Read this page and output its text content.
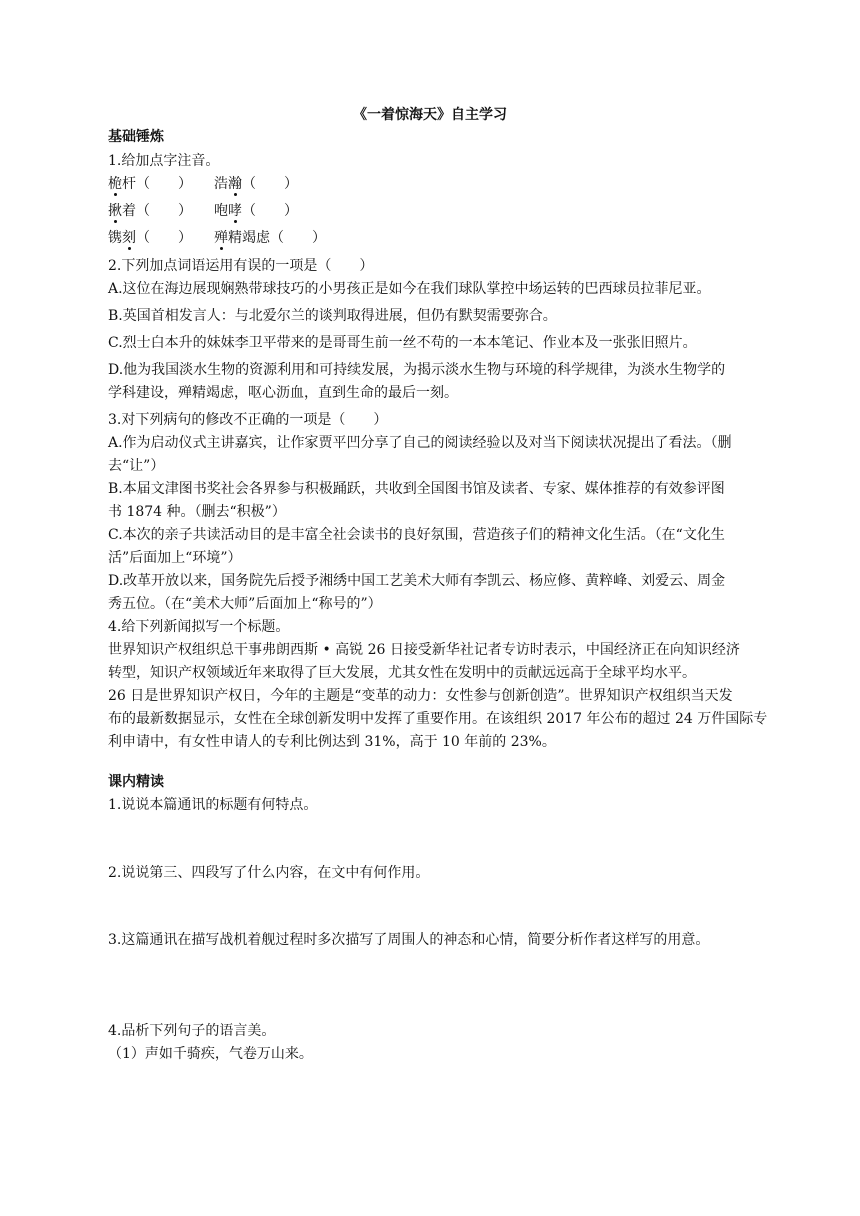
《一着惊海天》自主学习
基础锤炼
1.给加点字注音。
桅杆（　　） 浩瀚（　　）
揪着（　　） 咆哮（　　）
镌刻（　　） 殚精竭虑（　　）
2.下列加点词语运用有误的一项是（　　）
A.这位在海边展现娴熟带球技巧的小男孩正是如今在我们球队掌控中场运转的巴西球员拉菲尼亚。
B.英国首相发言人：与北爱尔兰的谈判取得进展，但仍有默契需要弥合。
C.烈士白本升的妹妹李卫平带来的是哥哥生前一丝不苟的一本本笔记、作业本及一张张旧照片。
D.他为我国淡水生物的资源利用和可持续发展，为揭示淡水生物与环境的科学规律，为淡水生物学的
学科建设，殚精竭虑，呕心沥血，直到生命的最后一刻。
3.对下列病句的修改不正确的一项是（　　）
A.作为启动仪式主讲嘉宾，让作家贾平凹分享了自己的阅读经验以及对当下阅读状况提出了看法。（删
去“让”）
B.本届文津图书奖社会各界参与积极踊跃，共收到全国图书馆及读者、专家、媒体推荐的有效参评图
书 1874 种。（删去“积极”）
C.本次的亲子共读活动目的是丰富全社会读书的良好氛围，营造孩子们的精神文化生活。（在“文化生
活”后面加上“环境”）
D.改革开放以来，国务院先后授予湘绣中国工艺美术大师有李凯云、杨应修、黄粹峰、刘爱云、周金
秀五位。（在“美术大师”后面加上“称号的”）
4.给下列新闻拟写一个标题。
世界知识产权组织总干事弗朗西斯 • 高锐 26 日接受新华社记者专访时表示，中国经济正在向知识经济
转型，知识产权领域近年来取得了巨大发展，尤其女性在发明中的贡献远远高于全球平均水平。
26 日是世界知识产权日，今年的主题是“变革的动力：女性参与创新创造”。世界知识产权组织当天发
布的最新数据显示，女性在全球创新发明中发挥了重要作用。在该组织 2017 年公布的超过 24 万件国际专
利申请中，有女性申请人的专利比例达到 31%，高于 10 年前的 23%。
课内精读
1.说说本篇通讯的标题有何特点。
2.说说第三、四段写了什么内容，在文中有何作用。
3.这篇通讯在描写战机着舰过程时多次描写了周围人的神态和心情，简要分析作者这样写的用意。
4.品析下列句子的语言美。
（1）声如千骑疾，气卷万山来。
